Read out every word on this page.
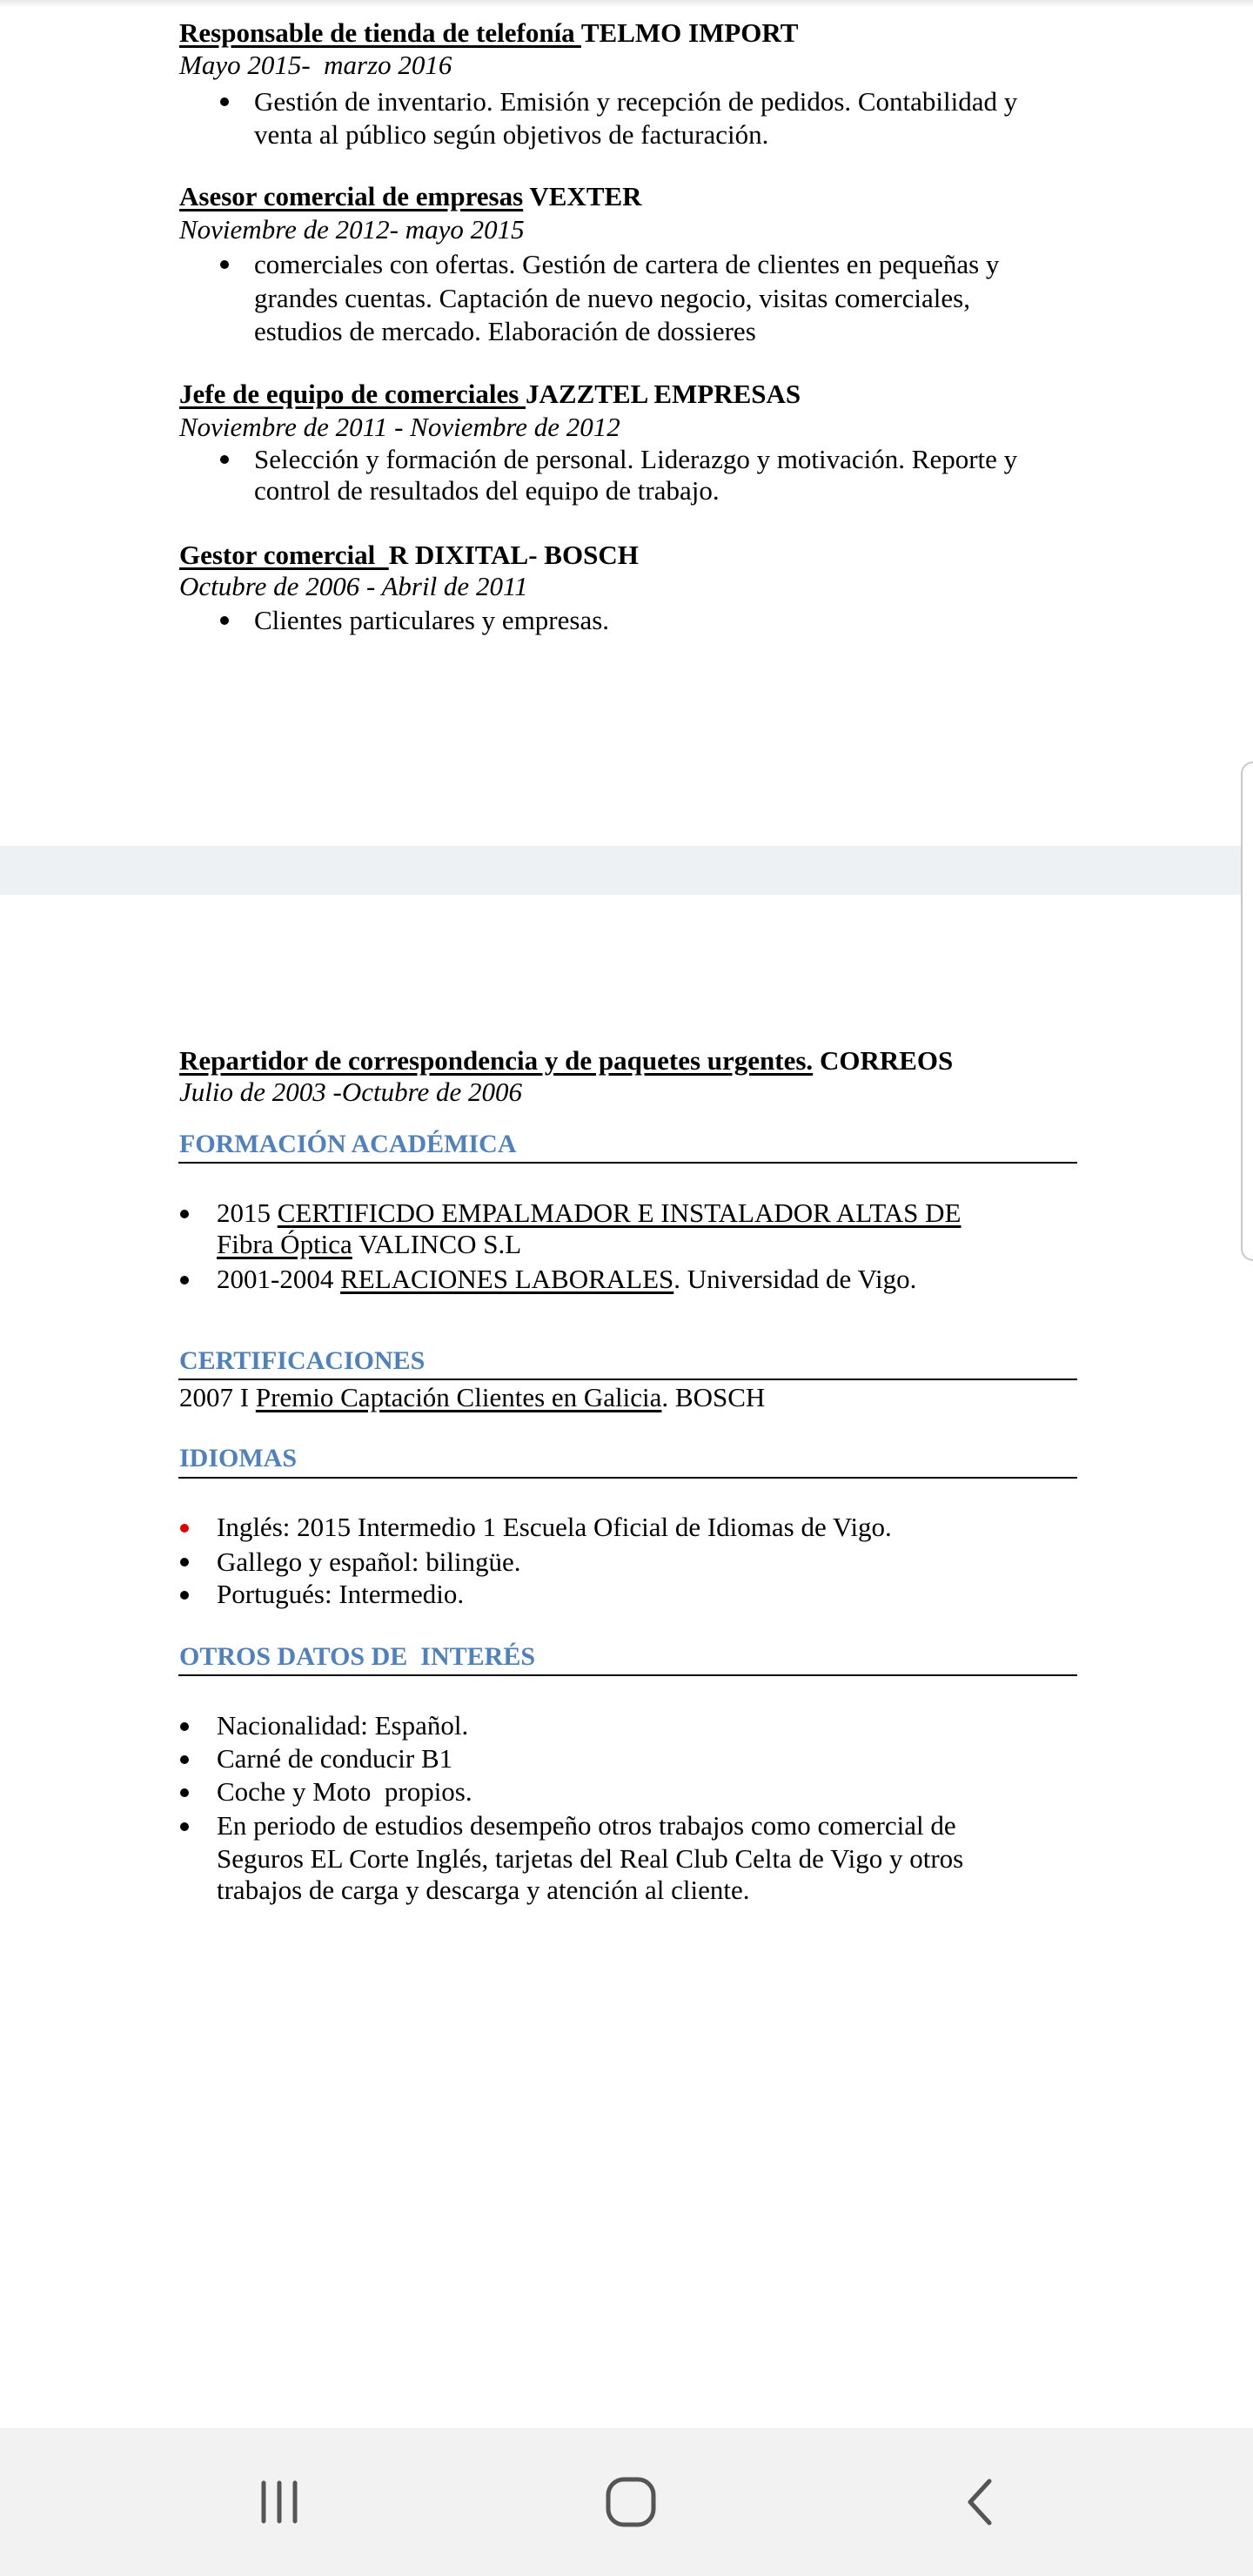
Responsable de tienda de telefonía TELMO IMPORT
Mayo 2015-  marzo 2016
Gestión de inventario. Emisión y recepción de pedidos. Contabilidad y
venta al público según objetivos de facturación.
Asesor comercial de empresas VEXTER
Noviembre de 2012- mayo 2015
comerciales con ofertas. Gestión de cartera de clientes en pequeñas y
grandes cuentas. Captación de nuevo negocio, visitas comerciales,
estudios de mercado. Elaboración de dossieres
Jefe de equipo de comerciales JAZZTEL EMPRESAS
Noviembre de 2011 - Noviembre de 2012
Selección y formación de personal. Liderazgo y motivación. Reporte y
control de resultados del equipo de trabajo.
Gestor comercial  R DIXITAL- BOSCH
Octubre de 2006 - Abril de 2011
Clientes particulares y empresas.
Repartidor de correspondencia y de paquetes urgentes. CORREOS
Julio de 2003 -Octubre de 2006
FORMACIÓN ACADÉMICA
2015 CERTIFICDO EMPALMADOR E INSTALADOR ALTAS DE
Fibra Óptica VALINCO S.L
2001-2004 RELACIONES LABORALES. Universidad de Vigo.
CERTIFICACIONES
2007 I Premio Captación Clientes en Galicia. BOSCH
IDIOMAS
Inglés: 2015 Intermedio 1 Escuela Oficial de Idiomas de Vigo.
Gallego y español: bilingüe.
Portugués: Intermedio.
OTROS DATOS DE  INTERÉS
Nacionalidad: Español.
Carné de conducir B1
Coche y Moto  propios.
En periodo de estudios desempeño otros trabajos como comercial de
Seguros EL Corte Inglés, tarjetas del Real Club Celta de Vigo y otros
trabajos de carga y descarga y atención al cliente.
